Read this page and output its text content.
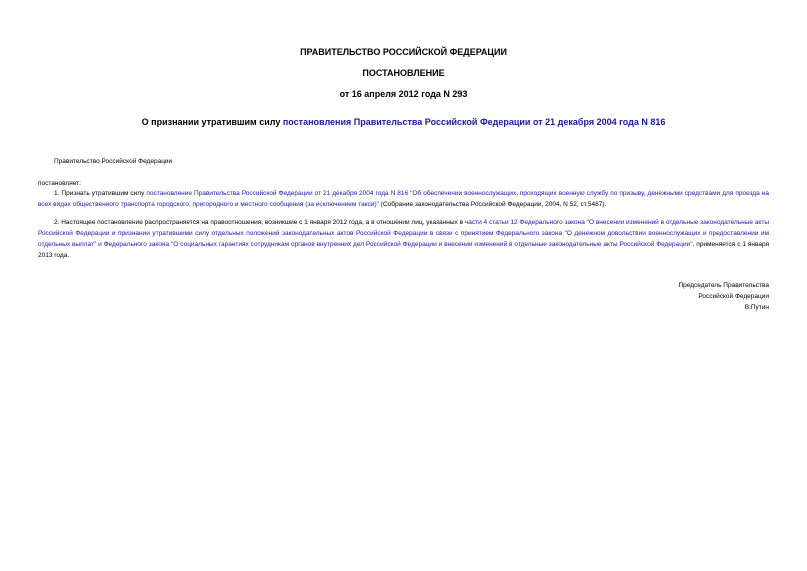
ПРАВИТЕЛЬСТВО РОССИЙСКОЙ ФЕДЕРАЦИИ
ПОСТАНОВЛЕНИЕ
от 16 апреля 2012 года N 293
О признании утратившим силу постановления Правительства Российской Федерации от 21 декабря 2004 года N 816
Правительство Российской Федерации
постановляет:
1. Признать утратившим силу постановление Правительства Российской Федерации от 21 декабря 2004 года N 816 "Об обеспечении военнослужащих, проходящих военную службу по призыву, денежными средствами для проезда на всех видах общественного транспорта городского, пригородного и местного сообщения (за исключением такси)" (Собрание законодательства Российской Федерации, 2004, N 52, ст.5487).
2. Настоящее постановление распространяется на правоотношения, возникшие с 1 января 2012 года, а в отношении лиц, указанных в части 4 статьи 12 Федерального закона "О внесении изменений в отдельные законодательные акты Российской Федерации и признании утратившими силу отдельных положений законодательных актов Российской Федерации в связи с принятием Федерального закона "О денежном довольствии военнослужащих и предоставлении им отдельных выплат" и Федерального закона "О социальных гарантиях сотрудникам органов внутренних дел Российской Федерации и внесении изменений в отдельные законодательные акты Российской Федерации", применяется с 1 января 2013 года.
Председатель Правительства
Российской Федерации
В.Путин
